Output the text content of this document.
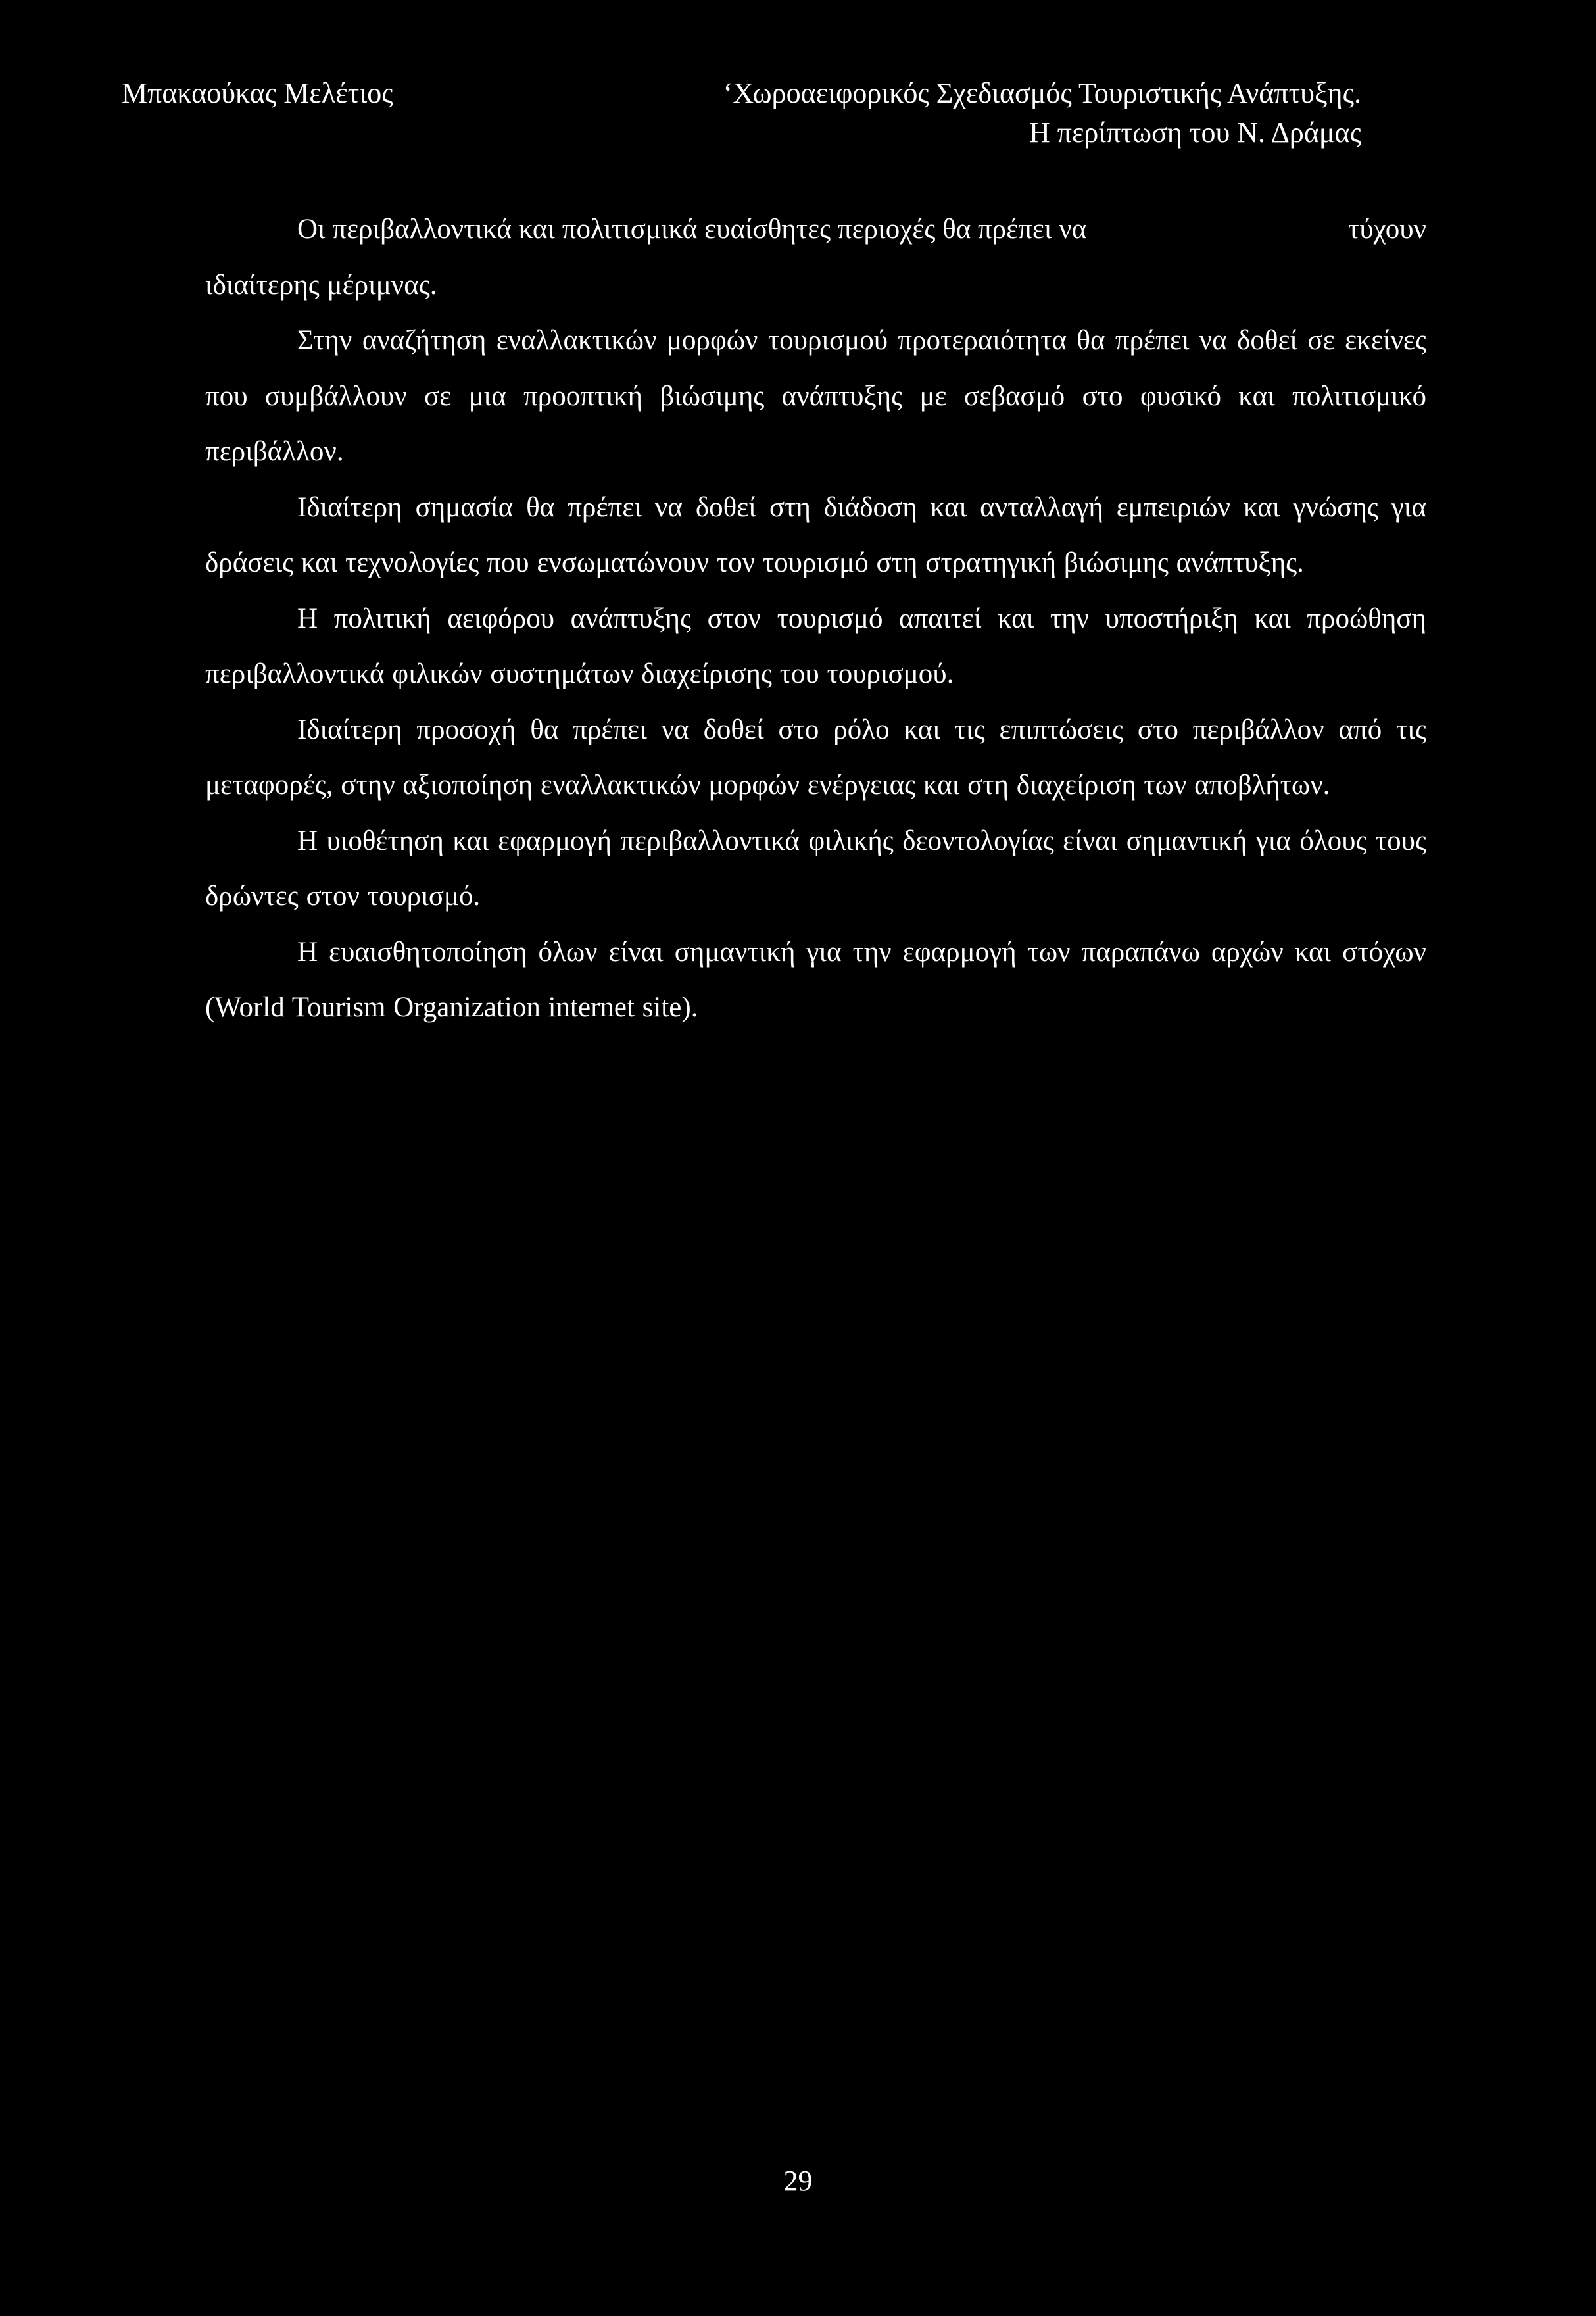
Μπακαούκας Μελέτιος	‘Χωροαειφορικός Σχεδιασμός Τουριστικής Ανάπτυξης.
Η περίπτωση του Ν. Δράμας

Οι περιβαλλοντικά και πολιτισμικά ευαίσθητες περιοχές θα πρέπει να	τύχουν

ιδιαίτερης μέριμνας.

Στην αναζήτηση εναλλακτικών μορφών τουρισμού προτεραιότητα θα πρέπει να δοθεί σε εκείνες που συμβάλλουν σε μια προοπτική βιώσιμης ανάπτυξης με σεβασμό στο φυσικό και πολιτισμικό περιβάλλον.

Ιδιαίτερη σημασία θα πρέπει να δοθεί στη διάδοση και ανταλλαγή εμπειριών και γνώσης για δράσεις και τεχνολογίες που ενσωματώνουν τον τουρισμό στη στρατηγική βιώσιμης ανάπτυξης.

Η πολιτική αειφόρου ανάπτυξης στον τουρισμό απαιτεί και την υποστήριξη και προώθηση περιβαλλοντικά φιλικών συστημάτων διαχείρισης του τουρισμού.

Ιδιαίτερη προσοχή θα πρέπει να δοθεί στο ρόλο και τις επιπτώσεις στο περιβάλλον από τις μεταφορές, στην αξιοποίηση εναλλακτικών μορφών ενέργειας και στη διαχείριση των αποβλήτων.

Η υιοθέτηση και εφαρμογή περιβαλλοντικά φιλικής δεοντολογίας είναι σημαντική για όλους τους δρώντες στον τουρισμό.

Η ευαισθητοποίηση όλων είναι σημαντική για την εφαρμογή των παραπάνω αρχών και στόχων (World Tourism Organization internet site).

29
